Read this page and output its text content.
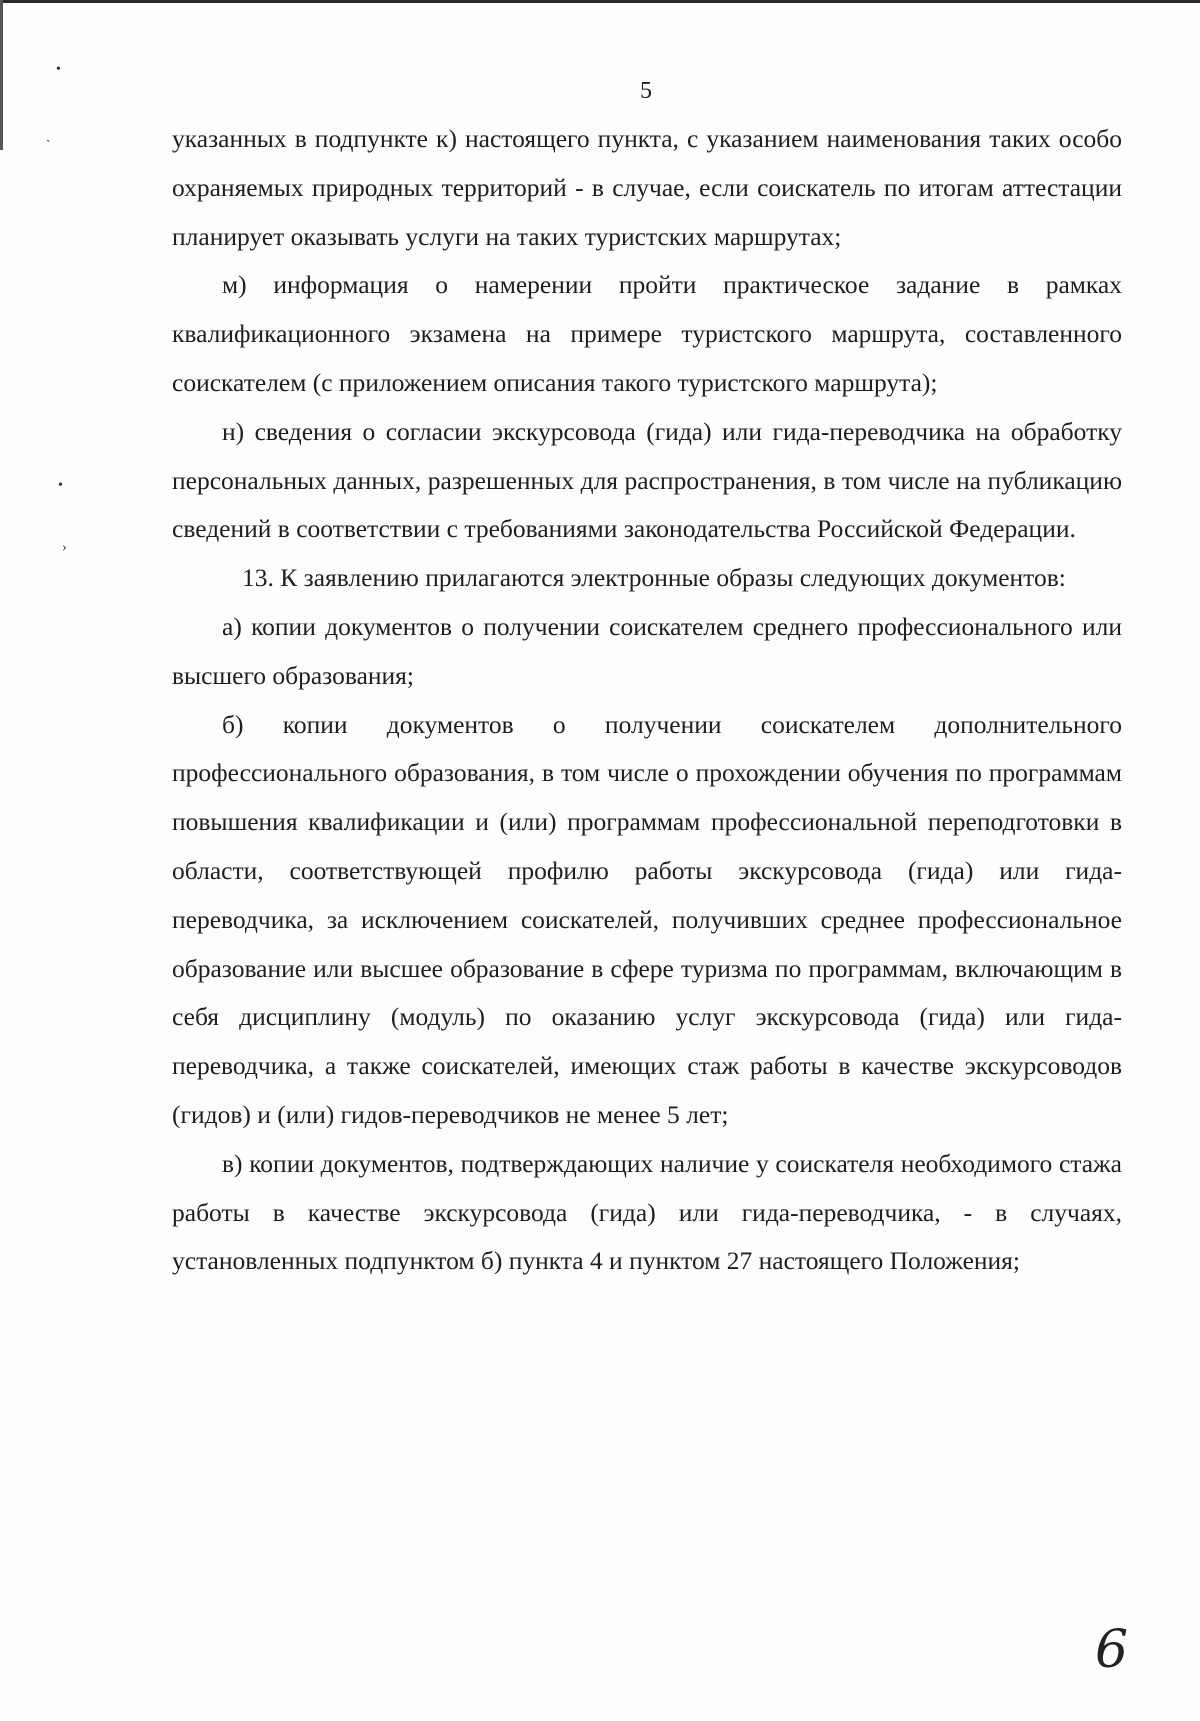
5

указанных в подпункте к) настоящего пункта, с указанием наименования таких особо охраняемых природных территорий - в случае, если соискатель по итогам аттестации планирует оказывать услуги на таких туристских маршрутах;

м) информация о намерении пройти практическое задание в рамках квалификационного экзамена на примере туристского маршрута, составленного соискателем (с приложением описания такого туристского маршрута);

н) сведения о согласии экскурсовода (гида) или гида-переводчика на обработку персональных данных, разрешенных для распространения, в том числе на публикацию сведений в соответствии с требованиями законодательства Российской Федерации.

13. К заявлению прилагаются электронные образы следующих документов:

а) копии документов о получении соискателем среднего профессионального или высшего образования;

б) копии документов о получении соискателем дополнительного профессионального образования, в том числе о прохождении обучения по программам повышения квалификации и (или) программам профессиональной переподготовки в области, соответствующей профилю работы экскурсовода (гида) или гида-переводчика, за исключением соискателей, получивших среднее профессиональное образование или высшее образование в сфере туризма по программам, включающим в себя дисциплину (модуль) по оказанию услуг экскурсовода (гида) или гида-переводчика, а также соискателей, имеющих стаж работы в качестве экскурсоводов (гидов) и (или) гидов-переводчиков не менее 5 лет;

в) копии документов, подтверждающих наличие у соискателя необходимого стажа работы в качестве экскурсовода (гида) или гида-переводчика, - в случаях, установленных подпунктом б) пункта 4 и пунктом 27 настоящего Положения;

6
•
•
›
ˎ
